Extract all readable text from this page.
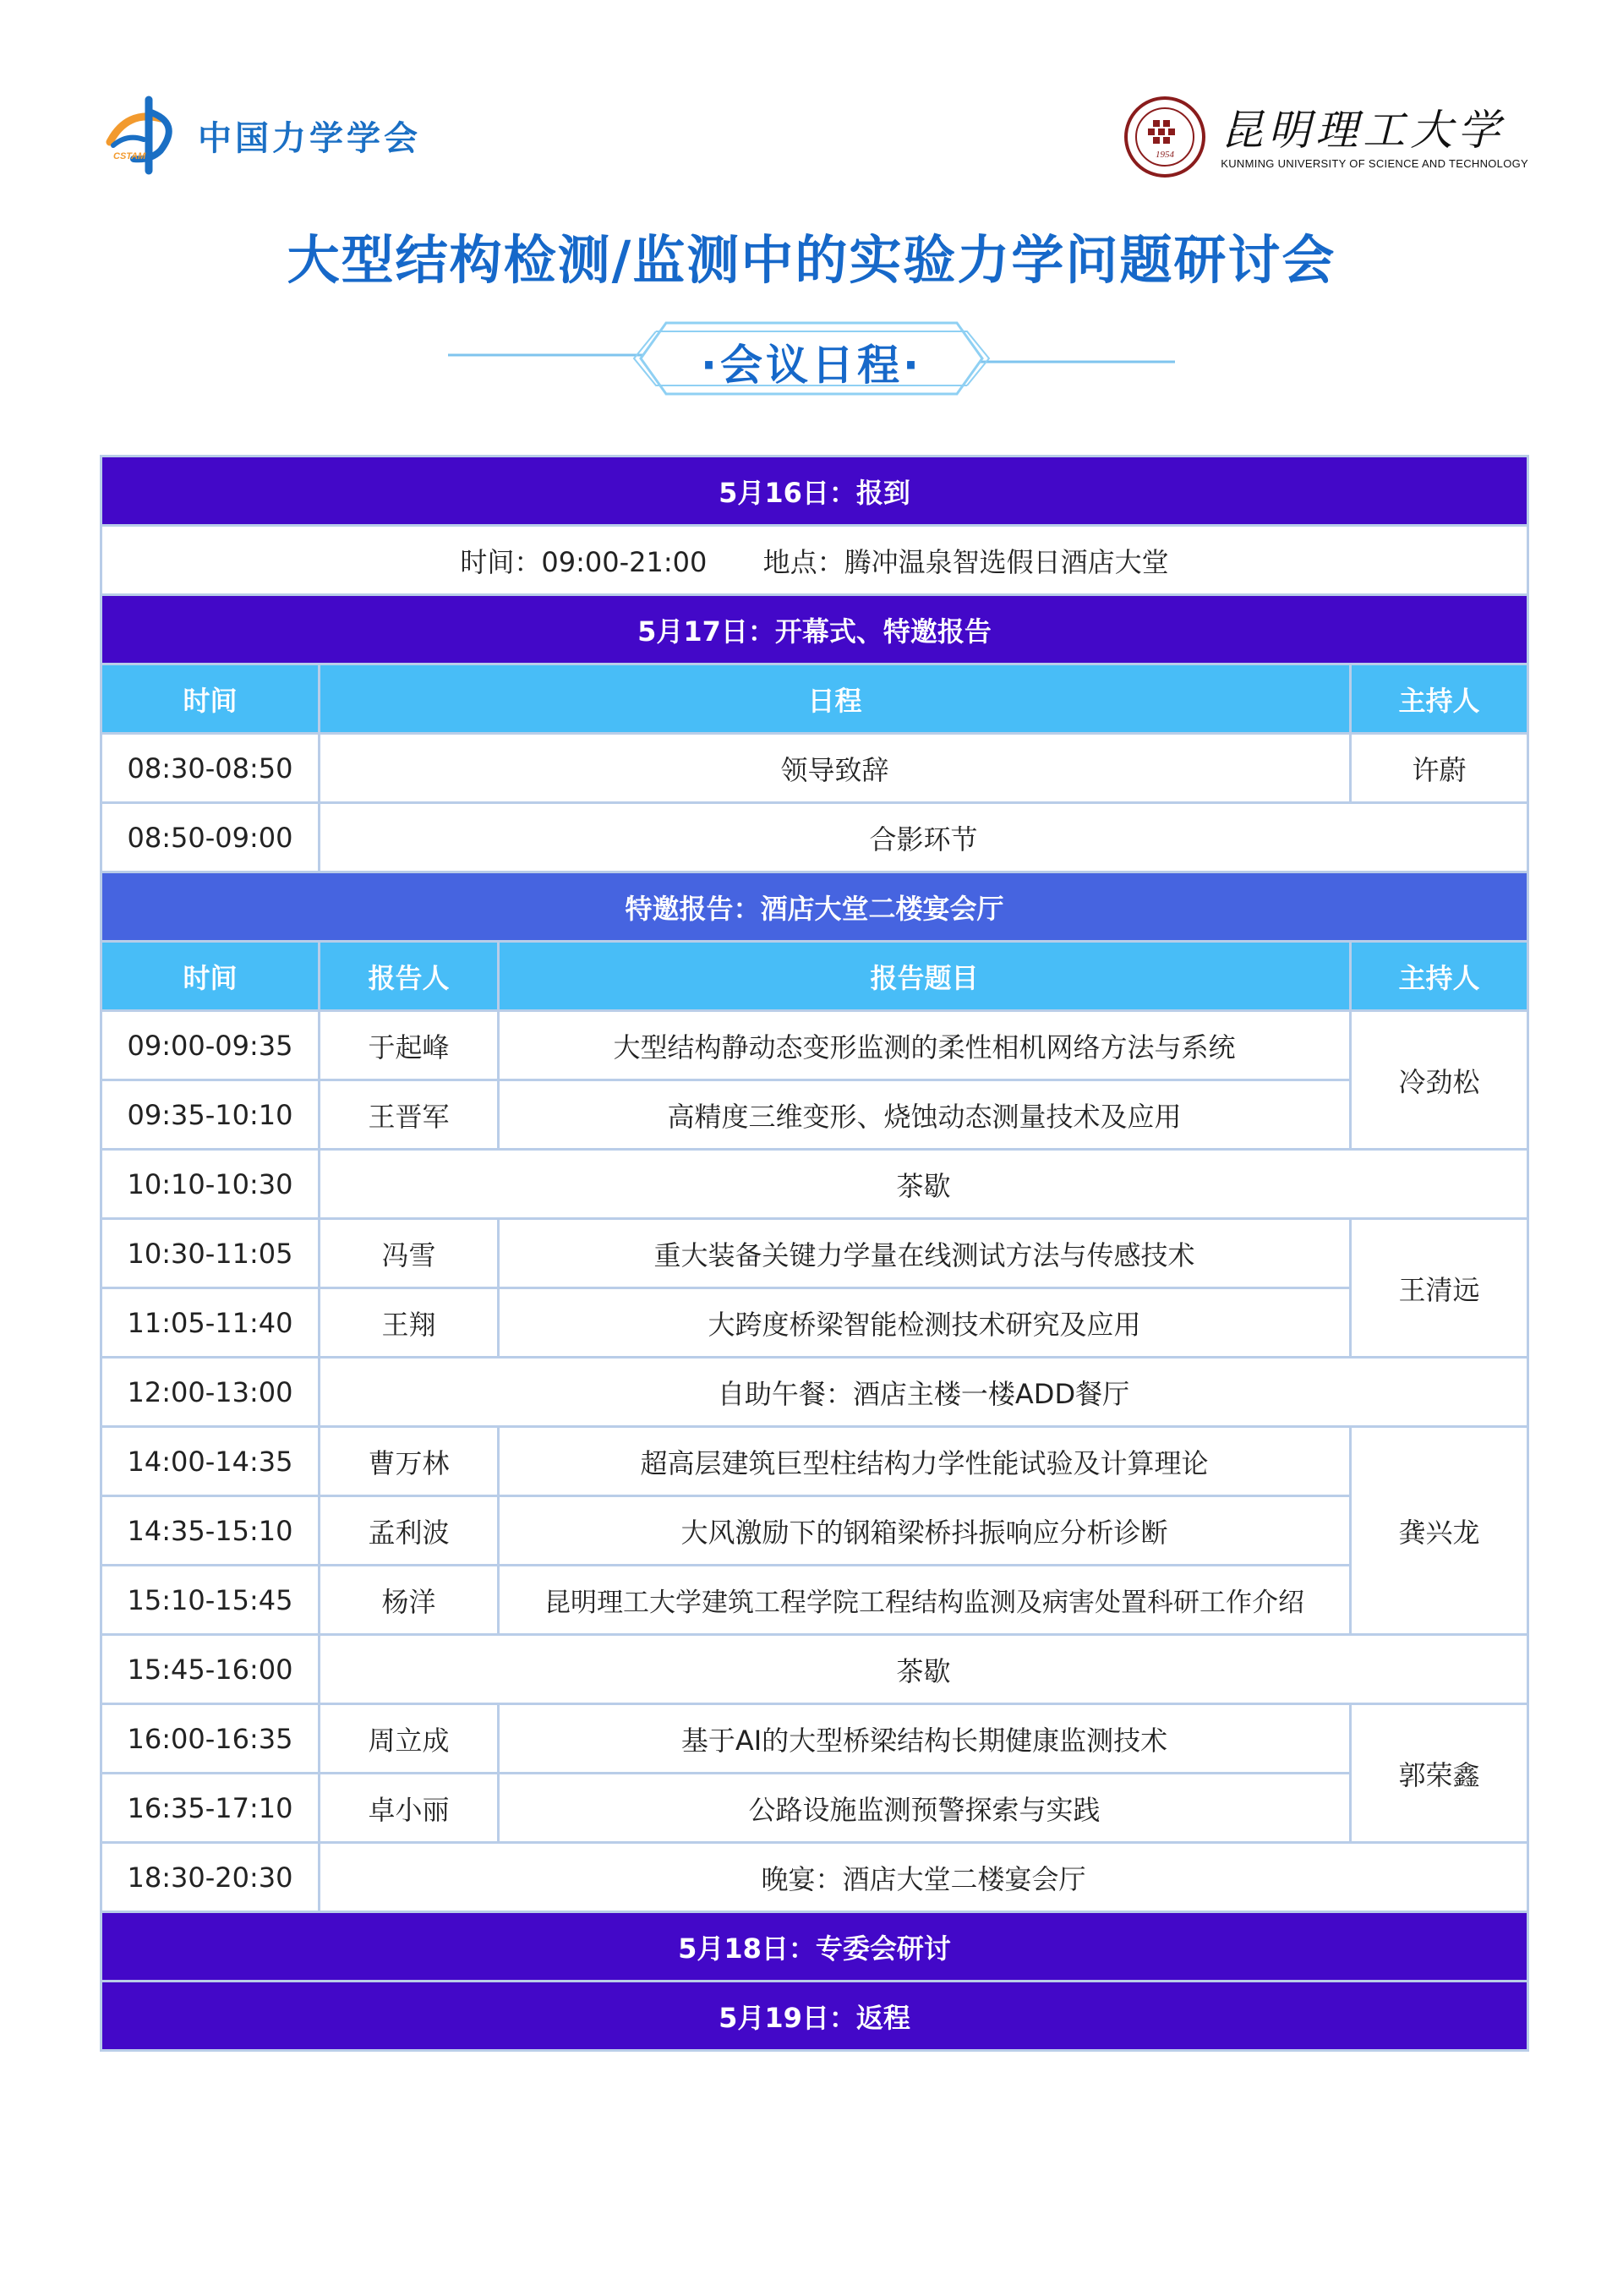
CSTAM 中国力学学会	1954
昆明理工大学
KUNMING UNIVERSITY OF SCIENCE AND TECHNOLOGY
大型结构检测/监测中的实验力学问题研讨会
·会议日程·
5月16日：报到			
时间：09:00-21:00 地点：腾冲温泉智选假日酒店大堂			
5月17日：开幕式、特邀报告			
时间	日程		主持人
08:30-08:50	领导致辞		许蔚
08:50-09:00	合影环节		
特邀报告：酒店大堂二楼宴会厅			
时间	报告人	报告题目	主持人
09:00-09:35	于起峰	大型结构静动态变形监测的柔性相机网络方法与系统	冷劲松
09:35-10:10	王晋军	高精度三维变形、烧蚀动态测量技术及应用	
10:10-10:30	茶歇		
10:30-11:05	冯雪	重大装备关键力学量在线测试方法与传感技术	王清远
11:05-11:40	王翔	大跨度桥梁智能检测技术研究及应用	
12:00-13:00	自助午餐：酒店主楼一楼ADD餐厅		
14:00-14:35	曹万林	超高层建筑巨型柱结构力学性能试验及计算理论	龚兴龙
14:35-15:10	孟利波	大风激励下的钢箱梁桥抖振响应分析诊断	
15:10-15:45	杨洋	昆明理工大学建筑工程学院工程结构监测及病害处置科研工作介绍	
15:45-16:00	茶歇		
16:00-16:35	周立成	基于AI的大型桥梁结构长期健康监测技术	郭荣鑫
16:35-17:10	卓小丽	公路设施监测预警探索与实践	
18:30-20:30	晚宴：酒店大堂二楼宴会厅		
5月18日：专委会研讨			
5月19日：返程			
